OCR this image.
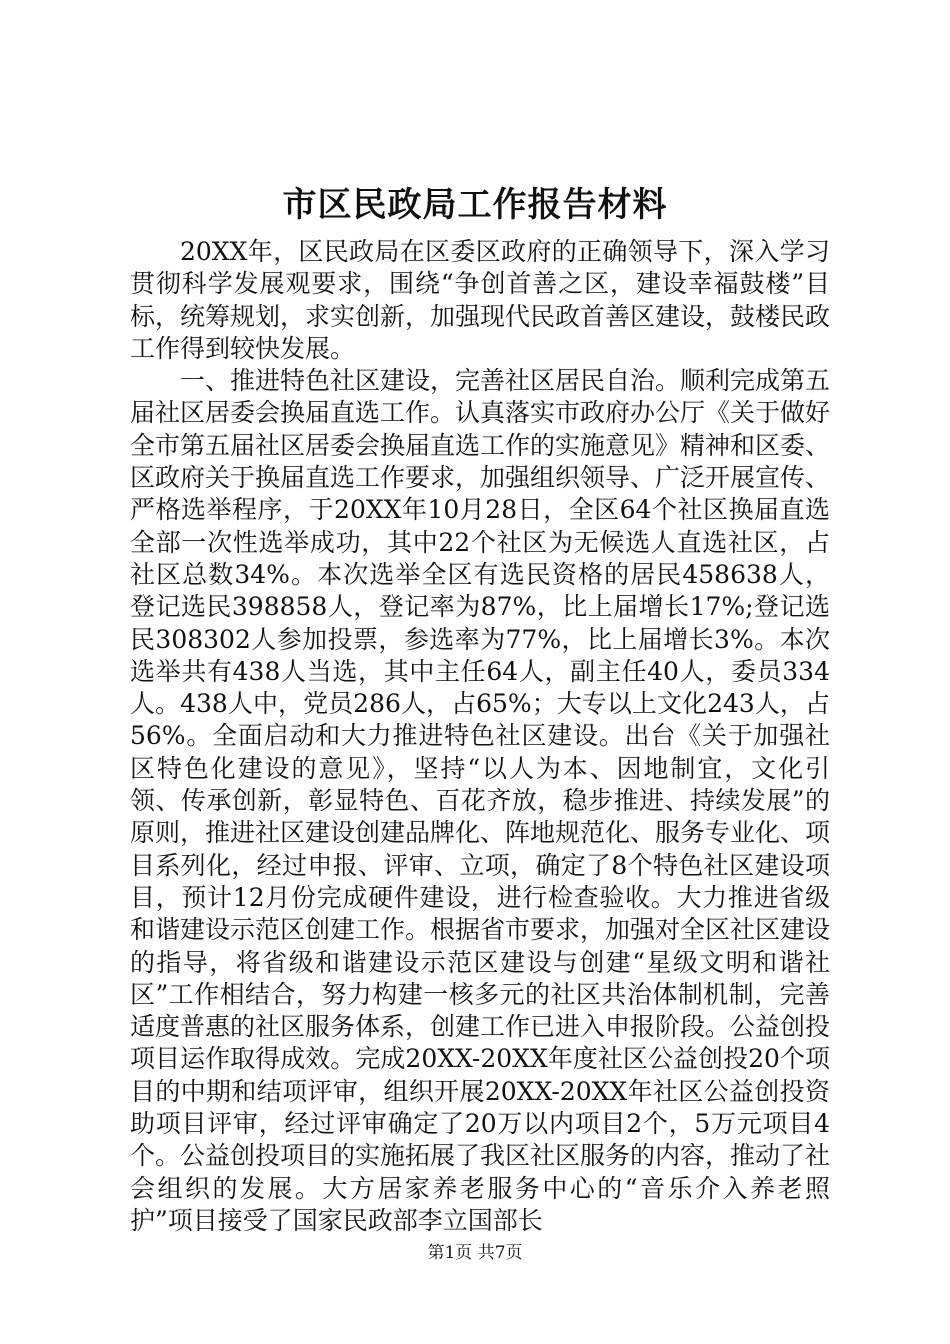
市区民政局工作报告材料

20XX年，区民政局在区委区政府的正确领导下，深入学习贯彻科学发展观要求，围绕“争创首善之区，建设幸福鼓楼”目标，统筹规划，求实创新，加强现代民政首善区建设，鼓楼民政工作得到较快发展。

一、推进特色社区建设，完善社区居民自治。顺利完成第五届社区居委会换届直选工作。认真落实市政府办公厅《关于做好全市第五届社区居委会换届直选工作的实施意见》精神和区委、区政府关于换届直选工作要求，加强组织领导、广泛开展宣传、严格选举程序，于20XX年10月28日，全区64个社区换届直选全部一次性选举成功，其中22个社区为无候选人直选社区，占社区总数34%。本次选举全区有选民资格的居民458638人，登记选民398858人，登记率为87%，比上届增长17%;登记选民308302人参加投票，参选率为77%，比上届增长3%。本次选举共有438人当选，其中主任64人，副主任40人，委员334人。438人中，党员286人，占65%；大专以上文化243人，占56%。全面启动和大力推进特色社区建设。出台《关于加强社区特色化建设的意见》，坚持“以人为本、因地制宜，文化引领、传承创新，彰显特色、百花齐放，稳步推进、持续发展”的原则，推进社区建设创建品牌化、阵地规范化、服务专业化、项目系列化，经过申报、评审、立项，确定了8个特色社区建设项目，预计12月份完成硬件建设，进行检查验收。大力推进省级和谐建设示范区创建工作。根据省市要求，加强对全区社区建设的指导，将省级和谐建设示范区建设与创建“星级文明和谐社区”工作相结合，努力构建一核多元的社区共治体制机制，完善适度普惠的社区服务体系，创建工作已进入申报阶段。公益创投项目运作取得成效。完成20XX-20XX年度社区公益创投20个项目的中期和结项评审，组织开展20XX-20XX年社区公益创投资助项目评审，经过评审确定了20万以内项目2个，5万元项目4个。公益创投项目的实施拓展了我区社区服务的内容，推动了社会组织的发展。大方居家养老服务中心的“音乐介入养老照护”项目接受了国家民政部李立国部长

第1页 共7页
